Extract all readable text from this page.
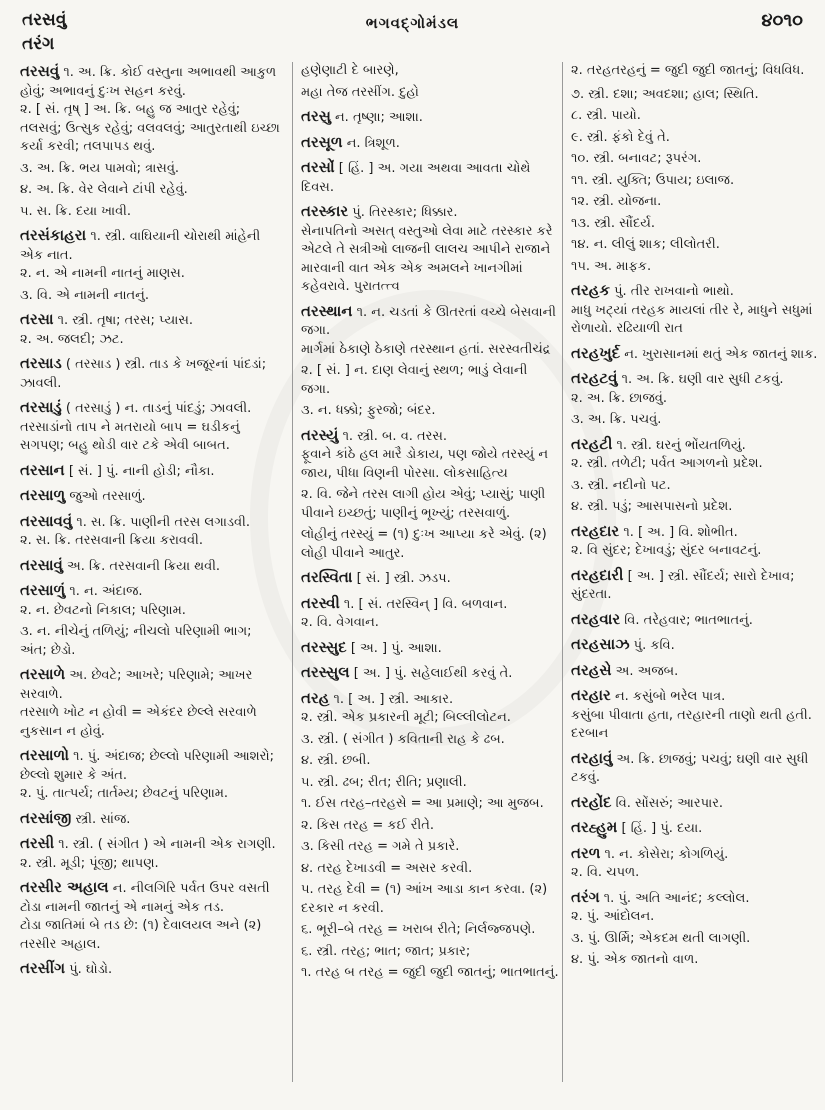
તરસવું
તરંગ
ભગવદ્ગોમંડલ	૪૦૧૦
તરસવું ૧. અ. ક્રિ. કોઈ વસ્તુના અભાવથી આકુળ હોવું; અભાવનું દુઃખ સહન કરવું.
૨. [ સં. તૃષ્ ] અ. ક્રિ. બહુ જ આતુર રહેવું; તલસવું; ઉત્સુક રહેવું; વલવલવું; આતુરતાથી ઇચ્છા કર્યા કરવી; તલપાપડ થવું.
૩. અ. ક્રિ. ભય પામવો; ત્રાસવું.
૪. અ. ક્રિ. વેર લેવાને ટાંપી રહેવું.
૫. સ. ક્રિ. દયા ખાવી.
તરસંકાહરા ૧. સ્ત્રી. વાઘિયાની ચોરાથી માંહેની એક નાત.
૨. ન. એ નામની નાતનું માણસ.
૩. વિ. એ નામની નાતનું.
તરસા ૧. સ્ત્રી. તૃષા; તરસ; પ્યાસ.
૨. અ. જલદી; ઝટ.
તરસાડ ( તરસાડ ) સ્ત્રી. તાડ કે ખજૂરનાં પાંદડાં; ઝાવલી.
તરસાડું ( તરસાડું ) ન. તાડનું પાંદડું; ઝાવલી.
તરસાડાંનો તાપ ને મતરાયો બાપ = ઘડીકનું સગપણ; બહુ થોડી વાર ટકે એવી બાબત.
તરસાન [ સં. ] પું. નાની હોડી; નૌકા.
તરસાળુ જુઓ તરસાળું.
તરસાવવું ૧. સ. ક્રિ. પાણીની તરસ લગાડવી.
૨. સ. ક્રિ. તરસવાની ક્રિયા કરાવવી.
તરસાવું અ. ક્રિ. તરસવાની ક્રિયા થવી.
તરસાળું ૧. ન. અંદાજ.
૨. ન. છેવટનો નિકાલ; પરિણામ.
૩. ન. નીચેનું તળિયું; નીચલો પરિણામી ભાગ; અંત; છેડો.
તરસાળે અ. છેવટે; આખરે; પરિણામે; આખર સરવાળે.
તરસાળે ખોટ ન હોવી = એકંદર છેલ્લે સરવાળે નુકસાન ન હોવું.
તરસાળો ૧. પું. અંદાજ; છેલ્લો પરિણામી આશરો; છેલ્લો શુમાર કે અંત.
૨. પું. તાત્પર્ય; તાર્તમ્ય; છેવટનું પરિણામ.
તરસાંજી સ્ત્રી. સાંજ.
તરસી ૧. સ્ત્રી. ( સંગીત ) એ નામની એક રાગણી.
૨. સ્ત્રી. મૂડી; પૂંજી; થાપણ.
તરસીર અહાલ ન. નીલગિરિ પર્વત ઉપર વસતી ટોડા નામની જાતનું એ નામનું એક તડ.
ટોડા જાતિમાં બે તડ છે: (૧) દેવાલયલ અને (૨) તરસીર અહાલ.
તરસીંગ પું. ઘોડો.
હણેણાટી દે બારણે,
મહા તેજ તરસીંગ. દુહો
તરસુ ન. તૃષ્ણા; આશા.
તરસૂળ ન. ત્રિશૂળ.
તરસોં [ હિં. ] અ. ગયા અથવા આવતા ચોથે દિવસ.
તરસ્કાર પું. તિરસ્કાર; ધિક્કાર.
સેનાપતિનો અસત્ વસ્તુઓ લેવા માટે તરસ્કાર કરે એટલે તે સત્રીઓ લાજની લાલચ આપીને રાજાને મારવાની વાત એક એક અમલને ખાનગીમાં કહેવરાવે. પુરાતત્ત્વ
તરસ્થાન ૧. ન. ચડતાં કે ઊતરતાં વચ્ચે બેસવાની જગા.
માર્ગમાં ઠેકાણે ઠેકાણે તરસ્થાન હતાં. સરસ્વતીચંદ્ર
૨. [ સં. ] ન. દાણ લેવાનું સ્થળ; ભાડું લેવાની જગા.
૩. ન. ધક્કો; ફુરજો; બંદર.
તરસ્યું ૧. સ્ત્રી. બ. વ. તરસ.
ફૂવાને કાંઠે હલ મારૈ ડોકાય, પણ જોયે તરસ્યું ન જાય, પીધા વિણની પોરસા. લોકસાહિત્ય
૨. વિ. જેને તરસ લાગી હોય એવું; પ્યાસું; પાણી પીવાને ઇચ્છતું; પાણીનું ભૂખ્યું; તરસવાળું.
લોહીનું તરસ્યું = (૧) દુઃખ આપ્યા કરે એવું. (૨) લોહી પીવાને આતુર.
તરસ્વિતા [ સં. ] સ્ત્રી. ઝડપ.
તરસ્વી ૧. [ સં. તરસ્વિન્ ] વિ. બળવાન.
૨. વિ. વેગવાન.
તરસ્સુદ [ અ. ] પું. આશા.
તરસ્સુલ [ અ. ] પું. સહેલાઈથી કરવું તે.
તરહ ૧. [ અ. ] સ્ત્રી. આકાર.
૨. સ્ત્રી. એક પ્રકારની મૂટી; બિલ્લીલોટન.
૩. સ્ત્રી. ( સંગીત ) કવિતાની રાહ કે ઢબ.
૪. સ્ત્રી. છબી.
૫. સ્ત્રી. ઢબ; રીત; રીતિ; પ્રણાલી.
૧. ઈસ તરહ–તરહસે = આ પ્રમાણે; આ મુજબ.
૨. કિસ તરહ = કઈ રીતે.
૩. કિસી તરહ = ગમે તે પ્રકારે.
૪. તરહ દેખાડવી = અસર કરવી.
૫. તરહ દેવી = (૧) આંખ આડા કાન કરવા. (૨) દરકાર ન કરવી.
૬. ભૂરી–બે તરહ = ખરાબ રીતે; નિર્લજ્જપણે.
૬. સ્ત્રી. તરહ; ભાત; જાત; પ્રકાર;
૧. તરહ બ તરહ = જુદી જુદી જાતનું; ભાતભાતનું.
૨. તરહતરહનું = જુદી જુદી જાતનું; વિધવિધ.
૭. સ્ત્રી. દશા; અવદશા; હાલ; સ્થિતિ.
૮. સ્ત્રી. પાયો.
૯. સ્ત્રી. ફંકો દેવું તે.
૧૦. સ્ત્રી. બનાવટ; રૂપરંગ.
૧૧. સ્ત્રી. યુક્તિ; ઉપાય; ઇલાજ.
૧૨. સ્ત્રી. યોજના.
૧૩. સ્ત્રી. સૌંદર્ય.
૧૪. ન. લીલું શાક; લીલોતરી.
૧૫. અ. માફક.
તરહક પું. તીર રાખવાનો ભાથો.
માધુ ખટ્યાં તરહક માયલાં તીર રે, માધુને સધુમાં રોળાયો. રઢિયાળી રાત
તરહખુર્દ ન. ખુરાસાનમાં થતું એક જાતનું શાક.
તરહટવું ૧. અ. ક્રિ. ઘણી વાર સુધી ટકવું.
૨. અ. ક્રિ. છાજવું.
૩. અ. ક્રિ. પચવું.
તરહટી ૧. સ્ત્રી. ઘરનું ભોંયતળિયું.
૨. સ્ત્રી. તળેટી; પર્વત આગળનો પ્રદેશ.
૩. સ્ત્રી. નદીનો પટ.
૪. સ્ત્રી. પડું; આસપાસનો પ્રદેશ.
તરહદાર ૧. [ અ. ] વિ. શોભીત.
૨. વિ સુંદર; દેખાવડું; સુંદર બનાવટનું.
તરહદારી [ અ. ] સ્ત્રી. સૌંદર્ય; સારો દેખાવ; સુંદરતા.
તરહવાર વિ. તરેહવાર; ભાતભાતનું.
તરહસાઝ પું. કવિ.
તરહસે અ. અજબ.
તરહાર ન. કસુંબો ભરેલ પાત્ર.
કસુંબા પીવાતા હતા, તરહારની તાણો થતી હતી. દરબાન
તરહાવું અ. ક્રિ. છાજવું; પચવું; ઘણી વાર સુધી ટકવું.
તરહોંદ વિ. સોંસરું; આરપાર.
તરહ્હુમ [ હિં. ] પું. દયા.
તરળ ૧. ન. કોસેરા; કોગળિયું.
૨. વિ. ચપળ.
તરંગ ૧. પું. અતિ આનંદ; કલ્લોલ.
૨. પું. આંદોલન.
૩. પું. ઊર્મિ; એકદમ થતી લાગણી.
૪. પું. એક જાતનો વાળ.
